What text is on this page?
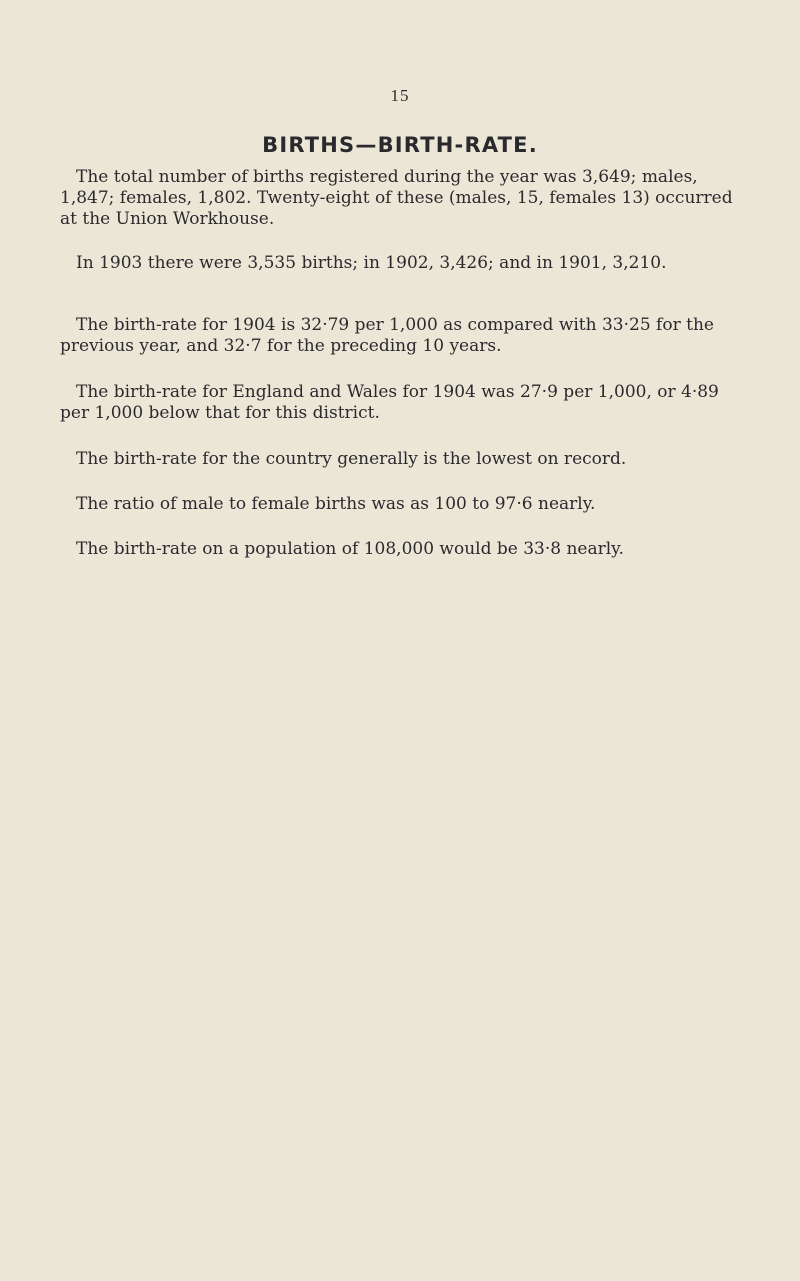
15
BIRTHS—BIRTH-RATE.

The total number of births registered during the year was 3,649; males, 1,847; females, 1,802. Twenty-eight of these (males, 15, females 13) occurred at the Union Workhouse.

In 1903 there were 3,535 births; in 1902, 3,426; and in 1901, 3,210.

The birth-rate for 1904 is 32·79 per 1,000 as compared with 33·25 for the previous year, and 32·7 for the preceding 10 years.

The birth-rate for England and Wales for 1904 was 27·9 per 1,000, or 4·89 per 1,000 below that for this district.

The birth-rate for the country generally is the lowest on record.

The ratio of male to female births was as 100 to 97·6 nearly.

The birth-rate on a population of 108,000 would be 33·8 nearly.
